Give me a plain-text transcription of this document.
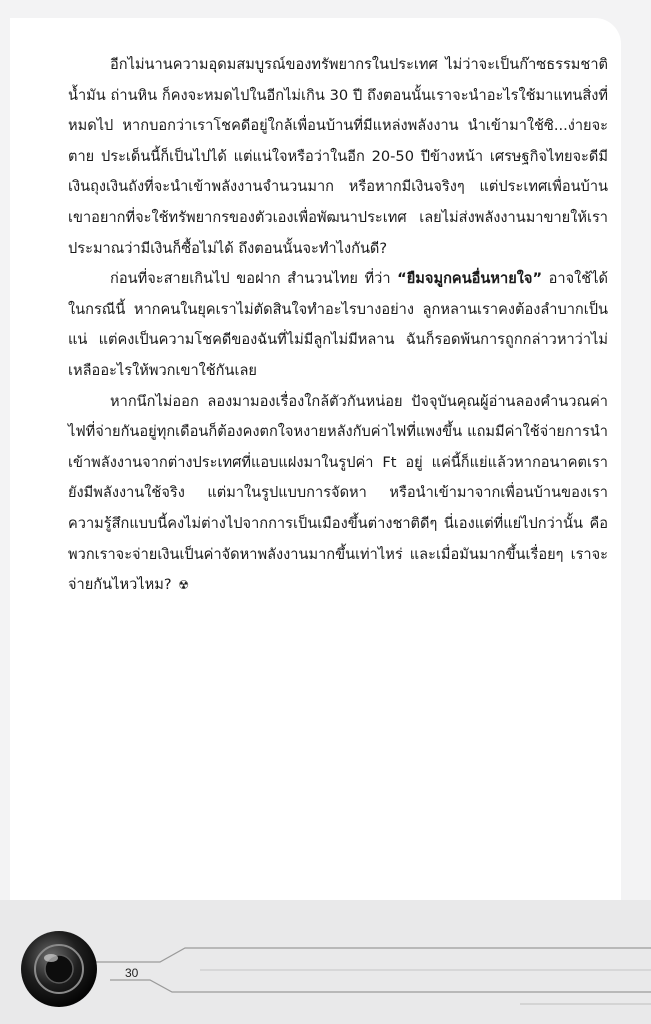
อีกไม่นานความอุดมสมบูรณ์ของทรัพยากรในประเทศ ไม่ว่าจะเป็นก๊าซธรรมชาติ น้ำมัน ถ่านหิน ก็คงจะหมดไปในอีกไม่เกิน 30 ปี ถึงตอนนั้นเราจะนำอะไรใช้มาแทนสิ่งที่หมดไป หากบอกว่าเราโชคดีอยู่ใกล้เพื่อนบ้านที่มีแหล่งพลังงาน นำเข้ามาใช้ซิ...ง่ายจะตาย ประเด็นนี้ก็เป็นไปได้ แต่แน่ใจหรือว่าในอีก 20-50 ปีข้างหน้า เศรษฐกิจไทยจะดีมีเงินถุงเงินถังที่จะนำเข้าพลังงานจำนวนมาก หรือหากมีเงินจริงๆ แต่ประเทศเพื่อนบ้านเขาอยากที่จะใช้ทรัพยากรของตัวเองเพื่อพัฒนาประเทศ เลยไม่ส่งพลังงานมาขายให้เราประมาณว่ามีเงินก็ซื้อไม่ได้ ถึงตอนนั้นจะทำไงกันดี?

ก่อนที่จะสายเกินไป ขอฝาก สำนวนไทย ที่ว่า “ยืมจมูกคนอื่นหายใจ” อาจใช้ได้ในกรณีนี้ หากคนในยุคเราไม่ตัดสินใจทำอะไรบางอย่าง ลูกหลานเราคงต้องลำบากเป็นแน่ แต่คงเป็นความโชคดีของฉันที่ไม่มีลูกไม่มีหลาน ฉันก็รอดพ้นการถูกกล่าวหาว่าไม่เหลืออะไรให้พวกเขาใช้กันเลย

หากนึกไม่ออก ลองมามองเรื่องใกล้ตัวกันหน่อย ปัจจุบันคุณผู้อ่านลองคำนวณค่าไฟที่จ่ายกันอยู่ทุกเดือนก็ต้องคงตกใจหงายหลังกับค่าไฟที่แพงขึ้น แถมมีค่าใช้จ่ายการนำเข้าพลังงานจากต่างประเทศที่แอบแฝงมาในรูปค่า Ft อยู่ แค่นี้ก็แย่แล้วหากอนาคตเรายังมีพลังงานใช้จริง แต่มาในรูปแบบการจัดหา หรือนำเข้ามาจากเพื่อนบ้านของเรา ความรู้สึกแบบนี้คงไม่ต่างไปจากการเป็นเมืองขึ้นต่างชาติดีๆ นี่เองแต่ที่แย่ไปกว่านั้น คือ พวกเราจะจ่ายเงินเป็นค่าจัดหาพลังงานมากขึ้นเท่าไหร่ และเมื่อมันมากขึ้นเรื่อยๆ เราจะจ่ายกันไหวไหม? ☢

30
